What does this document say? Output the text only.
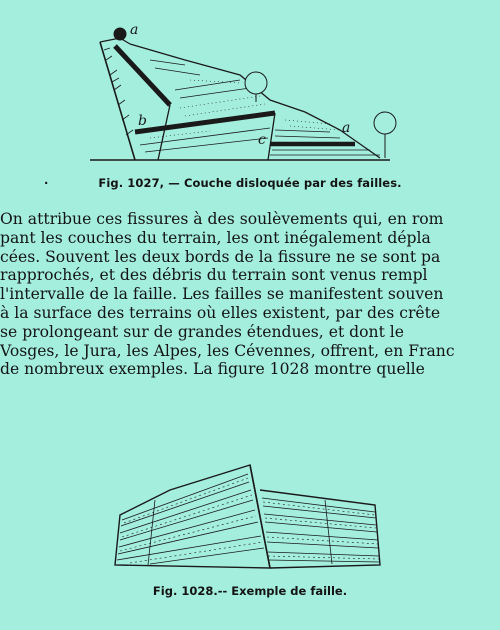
a
b
c
a
·	Fig. 1027, — Couche disloquée par des failles.
On attribue ces fissures à des soulèvements qui, en rom
pant les couches du terrain, les ont inégalement dépla
cées. Souvent les deux bords de la fissure ne se sont pa
rapprochés, et des débris du terrain sont venus rempl
l'intervalle de la faille. Les failles se manifestent souven
à la surface des terrains où elles existent, par des crête
se prolongeant sur de grandes étendues, et dont le
Vosges, le Jura, les Alpes, les Cévennes, offrent, en Franc
de nombreux exemples. La figure 1028 montre quelle
Fig. 1028.-- Exemple de faille.
